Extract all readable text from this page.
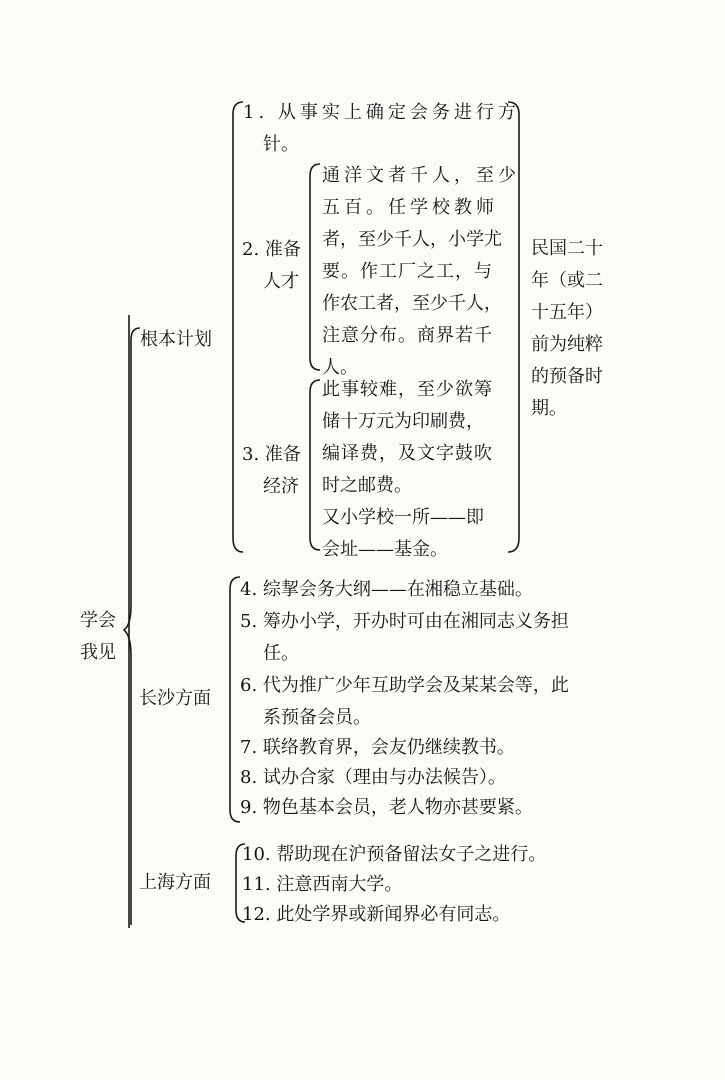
学会
我见
根本计划
1. 从事实上确定会务进行方
针。
2. 准备
人才
通洋文者千人，至少
五百。任学校教师
者，至少千人，小学尤
要。作工厂之工，与
作农工者，至少千人，
注意分布。商界若千
人。
3. 准备
经济
此事较难，至少欲筹
储十万元为印刷费，
编译费，及文字鼓吹
时之邮费。
又小学校一所——即
会址——基金。
民国二十
年（或二
十五年）
前为纯粹
的预备时
期。
长沙方面
4. 综挈会务大纲——在湘稳立基础。
5. 筹办小学，开办时可由在湘同志义务担
任。
6. 代为推广少年互助学会及某某会等，此
系预备会员。
7. 联络教育界，会友仍继续教书。
8. 试办合家（理由与办法候告）。
9. 物色基本会员，老人物亦甚要紧。
上海方面
10. 帮助现在沪预备留法女子之进行。
11. 注意西南大学。
12. 此处学界或新闻界必有同志。
